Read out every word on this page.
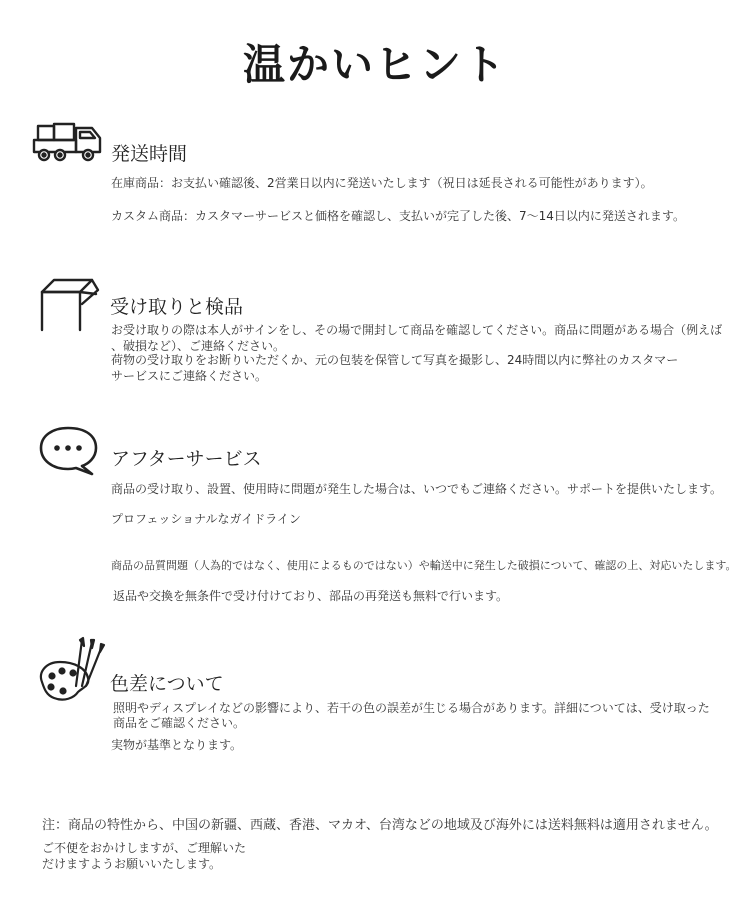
温かいヒント
発送時間
在庫商品：お支払い確認後、2営業日以内に発送いたします（祝日は延長される可能性があります）。
カスタム商品：カスタマーサービスと価格を確認し、支払いが完了した後、7〜14日以内に発送されます。
受け取りと検品
お受け取りの際は本人がサインをし、その場で開封して商品を確認してください。商品に問題がある場合（例えば
、破損など）、ご連絡ください。
荷物の受け取りをお断りいただくか、元の包装を保管して写真を撮影し、24時間以内に弊社のカスタマー
サービスにご連絡ください。
アフターサービス
商品の受け取り、設置、使用時に問題が発生した場合は、いつでもご連絡ください。サポートを提供いたします。
プロフェッショナルなガイドライン
商品の品質問題（人為的ではなく、使用によるものではない）や輸送中に発生した破損について、確認の上、対応いたします。
返品や交換を無条件で受け付けており、部品の再発送も無料で行います。
色差について
照明やディスプレイなどの影響により、若干の色の誤差が生じる場合があります。詳細については、受け取った
商品をご確認ください。
実物が基準となります。
注：商品の特性から、中国の新疆、西蔵、香港、マカオ、台湾などの地域及び海外には送料無料は適用されません。
ご不便をおかけしますが、ご理解いた
だけますようお願いいたします。
